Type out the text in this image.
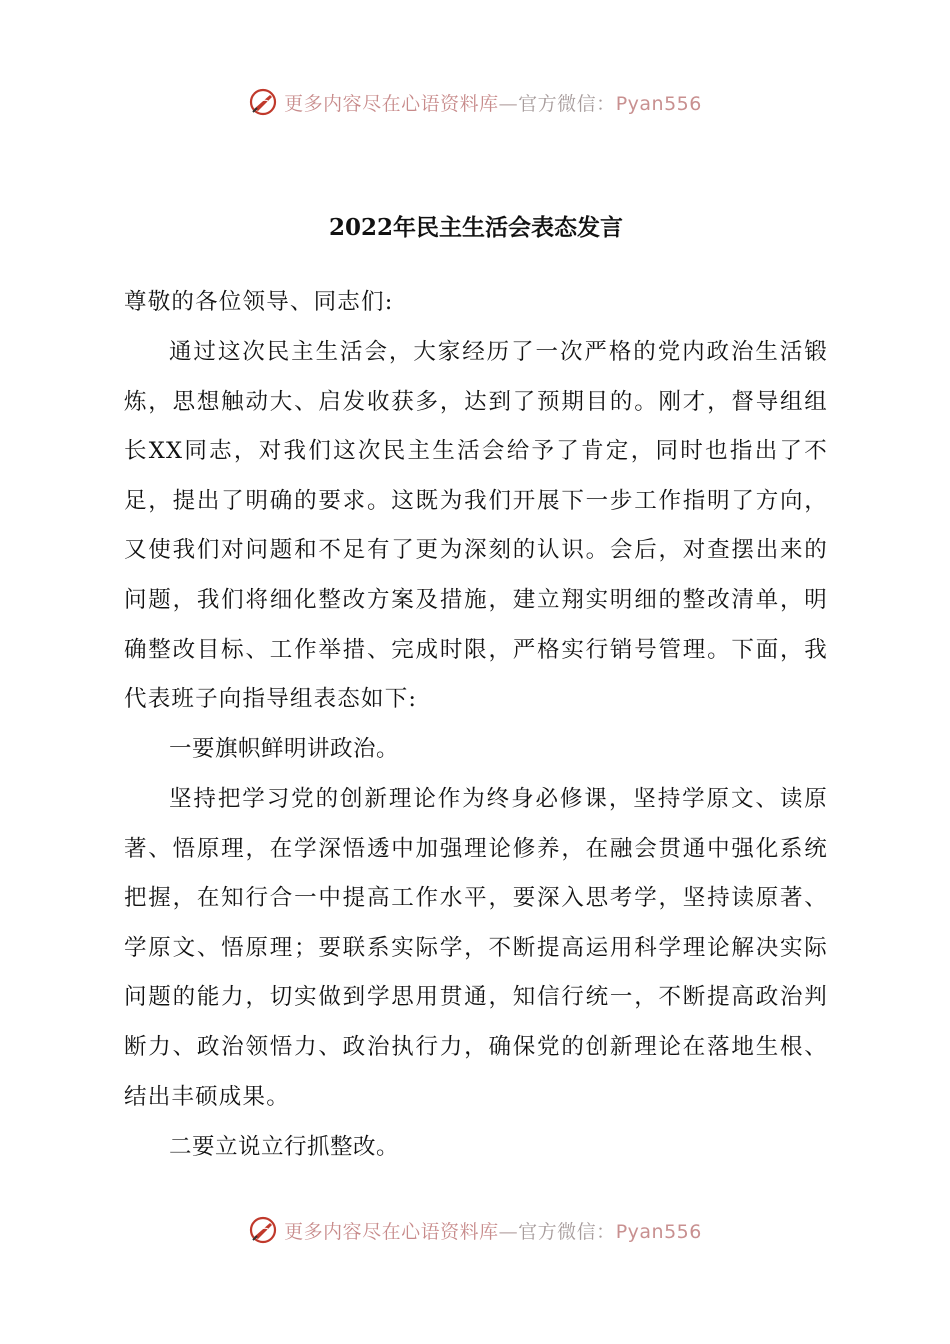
更多内容尽在心语资料库—官方微信：Pyan556
2022年民主生活会表态发言

尊敬的各位领导、同志们:

通过这次民主生活会，大家经历了一次严格的党内政治生活锻炼，思想触动大、启发收获多，达到了预期目的。刚才，督导组组长XX同志，对我们这次民主生活会给予了肯定，同时也指出了不足，提出了明确的要求。这既为我们开展下一步工作指明了方向，又使我们对问题和不足有了更为深刻的认识。会后，对查摆出来的问题，我们将细化整改方案及措施，建立翔实明细的整改清单，明确整改目标、工作举措、完成时限，严格实行销号管理。下面，我代表班子向指导组表态如下:

一要旗帜鲜明讲政治。

坚持把学习党的创新理论作为终身必修课，坚持学原文、读原著、悟原理，在学深悟透中加强理论修养，在融会贯通中强化系统把握，在知行合一中提高工作水平，要深入思考学，坚持读原著、学原文、悟原理；要联系实际学，不断提高运用科学理论解决实际问题的能力，切实做到学思用贯通，知信行统一，不断提高政治判断力、政治领悟力、政治执行力，确保党的创新理论在落地生根、结出丰硕成果。

二要立说立行抓整改。

更多内容尽在心语资料库—官方微信：Pyan556
